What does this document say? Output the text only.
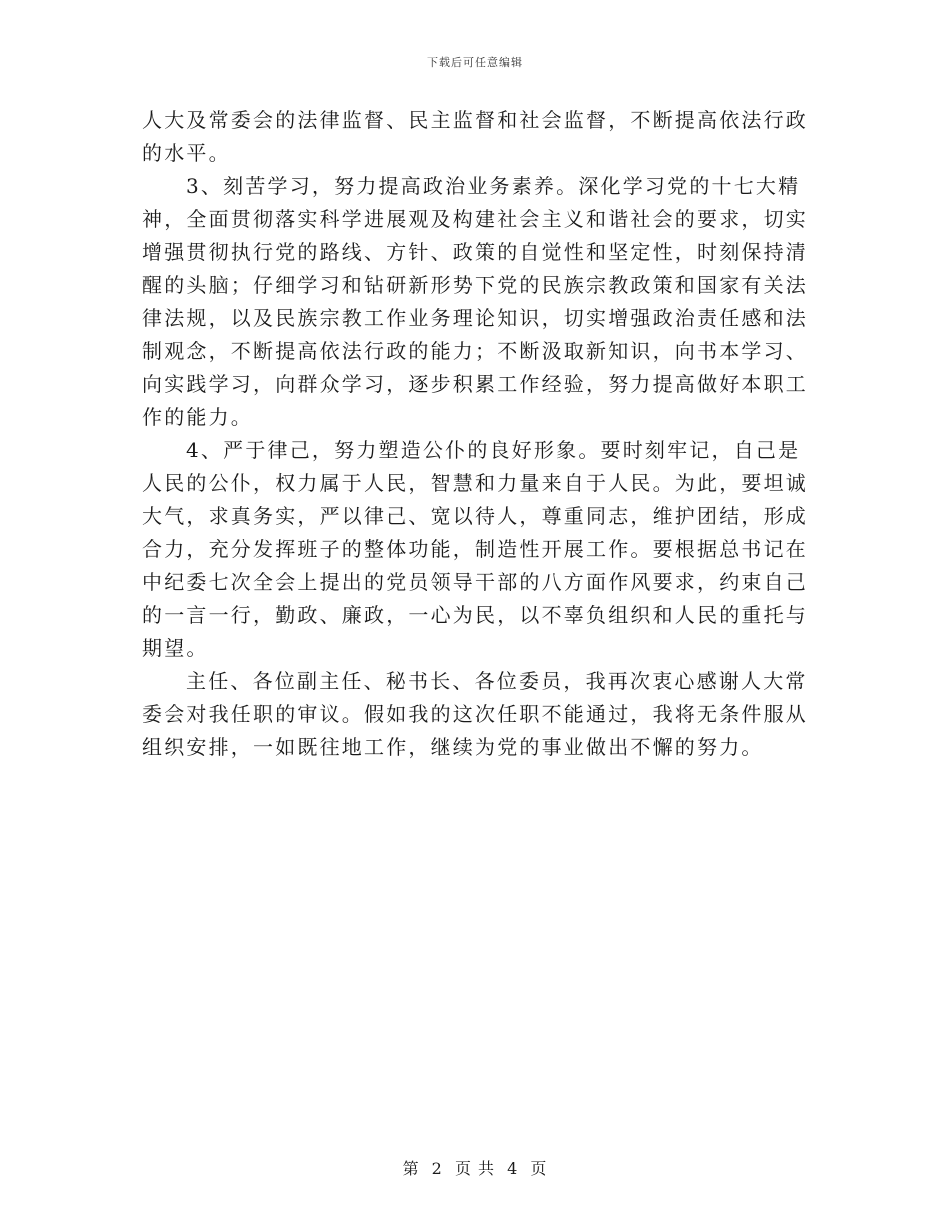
下载后可任意编辑

人大及常委会的法律监督、民主监督和社会监督，不断提高依法行政的水平。

3、刻苦学习，努力提高政治业务素养。深化学习党的十七大精神，全面贯彻落实科学进展观及构建社会主义和谐社会的要求，切实增强贯彻执行党的路线、方针、政策的自觉性和坚定性，时刻保持清醒的头脑；仔细学习和钻研新形势下党的民族宗教政策和国家有关法律法规，以及民族宗教工作业务理论知识，切实增强政治责任感和法制观念，不断提高依法行政的能力；不断汲取新知识，向书本学习、向实践学习，向群众学习，逐步积累工作经验，努力提高做好本职工作的能力。

4、严于律己，努力塑造公仆的良好形象。要时刻牢记，自己是人民的公仆，权力属于人民，智慧和力量来自于人民。为此，要坦诚大气，求真务实，严以律己、宽以待人，尊重同志，维护团结，形成合力，充分发挥班子的整体功能，制造性开展工作。要根据总书记在中纪委七次全会上提出的党员领导干部的八方面作风要求，约束自己的一言一行，勤政、廉政，一心为民，以不辜负组织和人民的重托与期望。

主任、各位副主任、秘书长、各位委员，我再次衷心感谢人大常委会对我任职的审议。假如我的这次任职不能通过，我将无条件服从组织安排，一如既往地工作，继续为党的事业做出不懈的努力。

第 2 页 共 4 页
